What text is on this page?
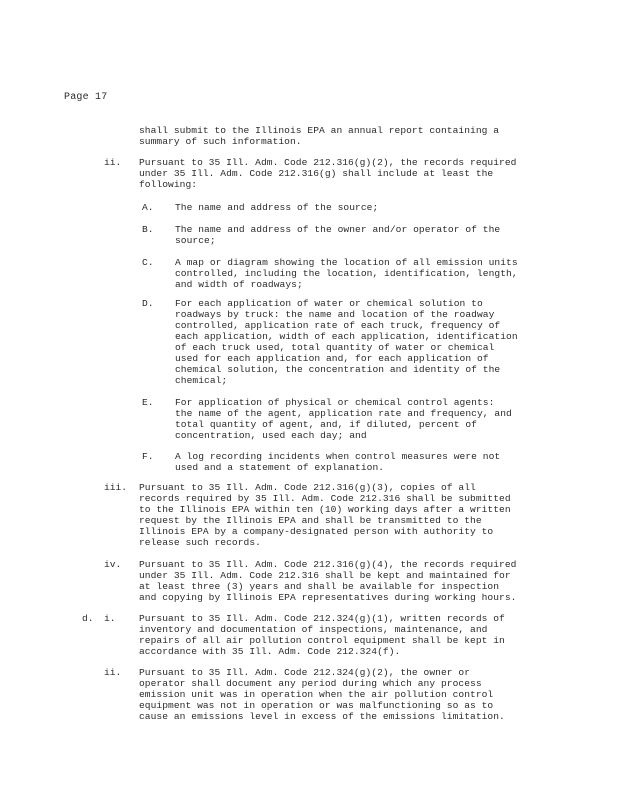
Page 17
shall submit to the Illinois EPA an annual report containing a
summary of such information.
ii. Pursuant to 35 Ill. Adm. Code 212.316(g)(2), the records required
under 35 Ill. Adm. Code 212.316(g) shall include at least the
following:
A. The name and address of the source;
B. The name and address of the owner and/or operator of the
source;
C. A map or diagram showing the location of all emission units
controlled, including the location, identification, length,
and width of roadways;
D. For each application of water or chemical solution to
roadways by truck: the name and location of the roadway
controlled, application rate of each truck, frequency of
each application, width of each application, identification
of each truck used, total quantity of water or chemical
used for each application and, for each application of
chemical solution, the concentration and identity of the
chemical;
E. For application of physical or chemical control agents:
the name of the agent, application rate and frequency, and
total quantity of agent, and, if diluted, percent of
concentration, used each day; and
F. A log recording incidents when control measures were not
used and a statement of explanation.
iii. Pursuant to 35 Ill. Adm. Code 212.316(g)(3), copies of all
records required by 35 Ill. Adm. Code 212.316 shall be submitted
to the Illinois EPA within ten (10) working days after a written
request by the Illinois EPA and shall be transmitted to the
Illinois EPA by a company-designated person with authority to
release such records.
iv. Pursuant to 35 Ill. Adm. Code 212.316(g)(4), the records required
under 35 Ill. Adm. Code 212.316 shall be kept and maintained for
at least three (3) years and shall be available for inspection
and copying by Illinois EPA representatives during working hours.
d. i. Pursuant to 35 Ill. Adm. Code 212.324(g)(1), written records of
inventory and documentation of inspections, maintenance, and
repairs of all air pollution control equipment shall be kept in
accordance with 35 Ill. Adm. Code 212.324(f).
ii. Pursuant to 35 Ill. Adm. Code 212.324(g)(2), the owner or
operator shall document any period during which any process
emission unit was in operation when the air pollution control
equipment was not in operation or was malfunctioning so as to
cause an emissions level in excess of the emissions limitation.
